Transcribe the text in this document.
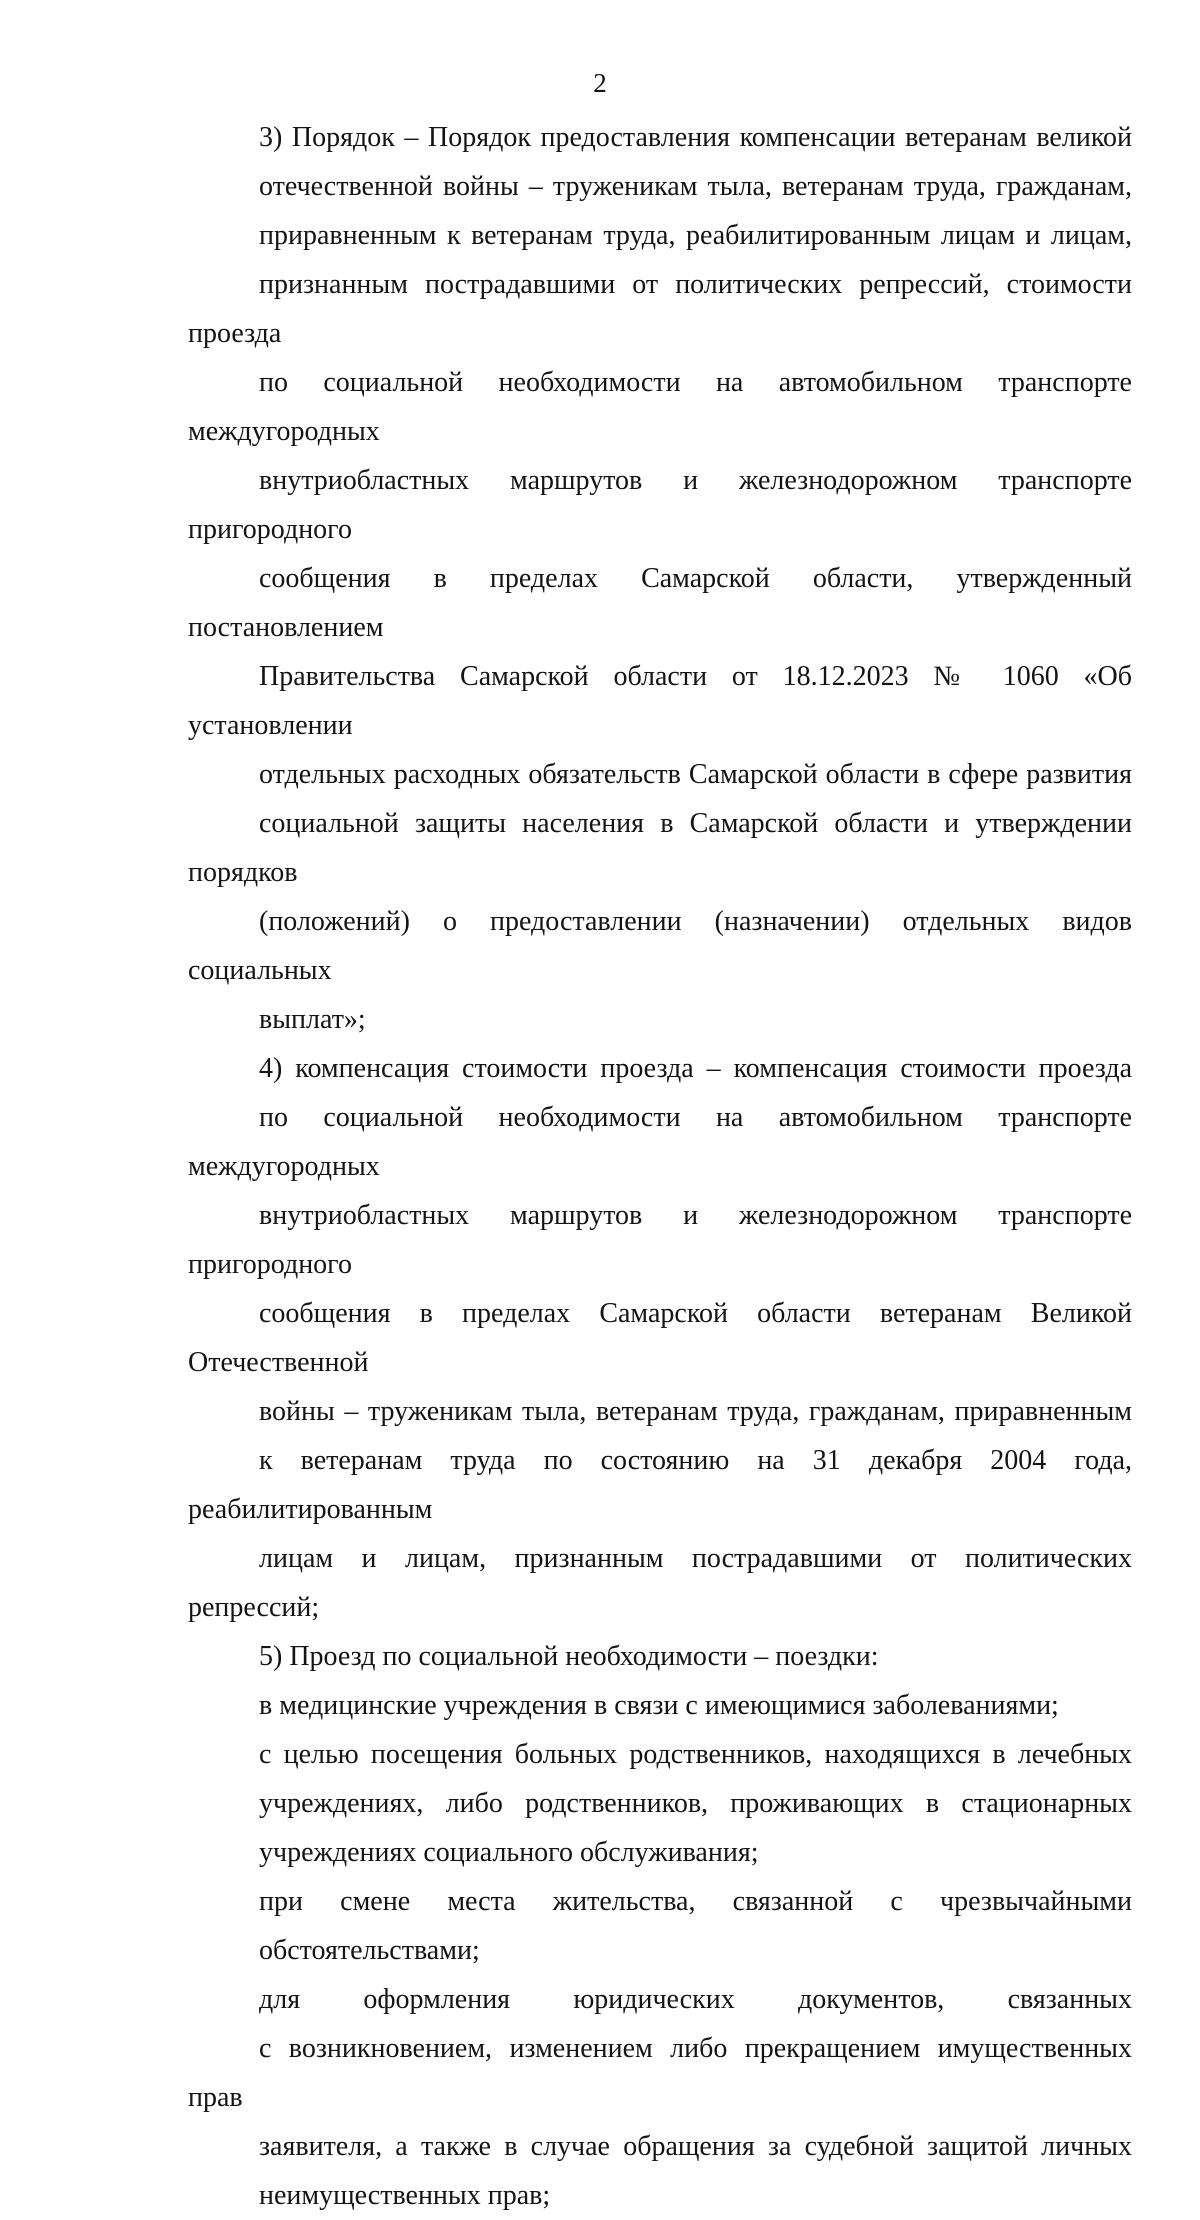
2

3) Порядок – Порядок предоставления компенсации ветеранам великой
отечественной войны – труженикам тыла, ветеранам труда, гражданам,
приравненным к ветеранам труда, реабилитированным лицам и лицам,
признанным пострадавшими от политических репрессий, стоимости проезда
по социальной необходимости на автомобильном транспорте междугородных
внутриобластных маршрутов и железнодорожном транспорте пригородного
сообщения в пределах Самарской области, утвержденный постановлением
Правительства Самарской области от 18.12.2023 № 1060 «Об установлении
отдельных расходных обязательств Самарской области в сфере развития
социальной защиты населения в Самарской области и утверждении порядков
(положений) о предоставлении (назначении) отдельных видов социальных
выплат»;

4) компенсация стоимости проезда – компенсация стоимости проезда
по социальной необходимости на автомобильном транспорте междугородных
внутриобластных маршрутов и железнодорожном транспорте пригородного
сообщения в пределах Самарской области ветеранам Великой Отечественной
войны – труженикам тыла, ветеранам труда, гражданам, приравненным
к ветеранам труда по состоянию на 31 декабря 2004 года, реабилитированным
лицам и лицам, признанным пострадавшими от политических репрессий;

5) Проезд по социальной необходимости – поездки:

в медицинские учреждения в связи с имеющимися заболеваниями;

с целью посещения больных родственников, находящихся в лечебных
учреждениях, либо родственников, проживающих в стационарных
учреждениях социального обслуживания;

при смене места жительства, связанной с чрезвычайными
обстоятельствами;

для оформления юридических документов, связанных
с возникновением, изменением либо прекращением имущественных прав
заявителя, а также в случае обращения за судебной защитой личных
неимущественных прав;
